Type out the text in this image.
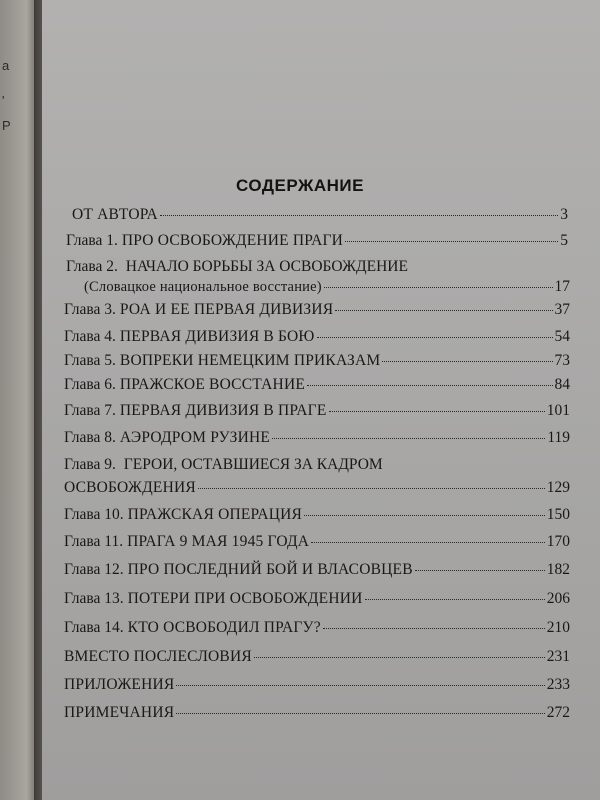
а
'
Р
СОДЕРЖАНИЕ
ОТ АВТОРА	3
Глава 1. ПРО ОСВОБОЖДЕНИЕ ПРАГИ	5
Глава 2. НАЧАЛО БОРЬБЫ ЗА ОСВОБОЖДЕНИЕ
(Словацкое национальное восстание)	17
Глава 3. РОА И ЕЕ ПЕРВАЯ ДИВИЗИЯ	37
Глава 4. ПЕРВАЯ ДИВИЗИЯ В БОЮ	54
Глава 5. ВОПРЕКИ НЕМЕЦКИМ ПРИКАЗАМ	73
Глава 6. ПРАЖСКОЕ ВОССТАНИЕ	84
Глава 7. ПЕРВАЯ ДИВИЗИЯ В ПРАГЕ	101
Глава 8. АЭРОДРОМ РУЗИНЕ	119
Глава 9. ГЕРОИ, ОСТАВШИЕСЯ ЗА КАДРОМ
ОСВОБОЖДЕНИЯ	129
Глава 10. ПРАЖСКАЯ ОПЕРАЦИЯ	150
Глава 11. ПРАГА 9 МАЯ 1945 ГОДА	170
Глава 12. ПРО ПОСЛЕДНИЙ БОЙ И ВЛАСОВЦЕВ	182
Глава 13. ПОТЕРИ ПРИ ОСВОБОЖДЕНИИ	206
Глава 14. КТО ОСВОБОДИЛ ПРАГУ?	210
ВМЕСТО ПОСЛЕСЛОВИЯ	231
ПРИЛОЖЕНИЯ	233
ПРИМЕЧАНИЯ	272
